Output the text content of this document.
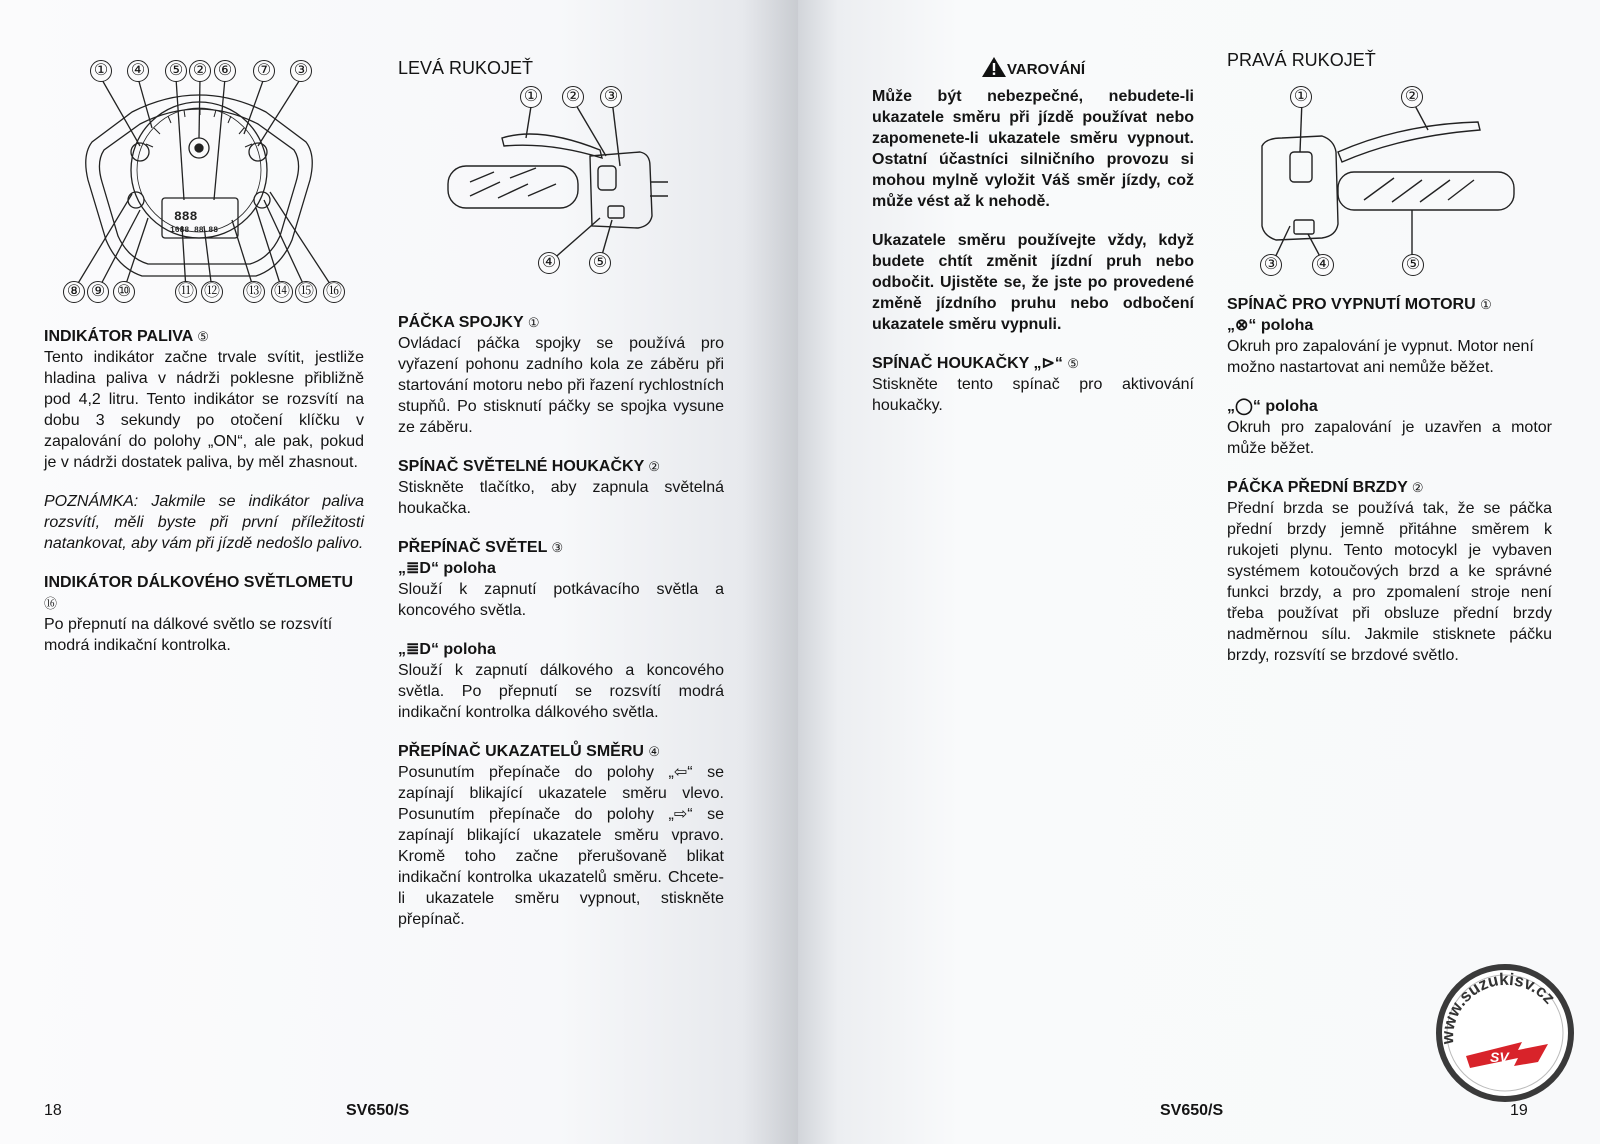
888
1688 88.88
① ④ ⑤ ② ⑥ ⑦ ③
⑧ ⑨ ⑩	⑪ ⑫ ⑬ ⑭ ⑮ ⑯

INDIKÁTOR PALIVA ⑤

Tento indikátor začne trvale svítit, jestliže hladina paliva v nádrži poklesne přibližně pod 4,2 litru. Tento indikátor se rozsvítí na dobu 3 sekundy po otočení klíčku v zapalování do polohy „ON“, ale pak, pokud je v nádrži dostatek paliva, by měl zhasnout.

POZNÁMKA: Jakmile se indikátor paliva rozsvítí, měli byste při první příležitosti natankovat, aby vám při jízdě nedošlo palivo.

INDIKÁTOR DÁLKOVÉHO SVĚTLOMETU ⑯

Po přepnutí na dálkové světlo se rozsvítí modrá indikační kontrolka.

LEVÁ RUKOJEŤ

① ② ③
④ ⑤

PÁČKA SPOJKY ①

Ovládací páčka spojky se používá pro vyřazení pohonu zadního kola ze záběru při startování motoru nebo při řazení rychlostních stupňů. Po stisknutí páčky se spojka vysune ze záběru.

SPÍNAČ SVĚTELNÉ HOUKAČKY ②

Stiskněte tlačítko, aby zapnula světelná houkačka.

PŘEPÍNAČ SVĚTEL ③

„≣D“ poloha

Slouží k zapnutí potkávacího světla a koncového světla.

„≣D“ poloha

Slouží k zapnutí dálkového a koncového světla. Po přepnutí se rozsvítí modrá indikační kontrolka dálkového světla.

PŘEPÍNAČ UKAZATELŮ SMĚRU ④

Posunutím přepínače do polohy „⇦“ se zapínají blikající ukazatele směru vlevo. Posunutím přepínače do polohy „⇨“ se zapínají blikající ukazatele směru vpravo. Kromě toho začne přerušovaně blikat indikační kontrolka ukazatelů směru. Chcete-li ukazatele směru vypnout, stiskněte přepínač.

18	SV650/S

VAROVÁNÍ

Může být nebezpečné, nebudete-li ukazatele směru při jízdě používat nebo zapomenete-li ukazatele směru vypnout. Ostatní účastníci silničního provozu si mohou mylně vyložit Váš směr jízdy, což může vést až k nehodě.

Ukazatele směru používejte vždy, když budete chtít změnit jízdní pruh nebo odbočit. Ujistěte se, že jste po provedené změně jízdního pruhu nebo odbočení ukazatele směru vypnuli.

SPÍNAČ HOUKAČKY „⊳“ ⑤

Stiskněte tento spínač pro aktivování houkačky.

PRAVÁ RUKOJEŤ

①	②
③ ④	⑤

SPÍNAČ PRO VYPNUTÍ MOTORU ①

„⊗“ poloha

Okruh pro zapalování je vypnut. Motor není možno nastartovat ani nemůže běžet.

„◯“ poloha

Okruh pro zapalování je uzavřen a motor může běžet.

PÁČKA PŘEDNÍ BRZDY ②

Přední brzda se používá tak, že se páčka přední brzdy jemně přitáhne směrem k rukojeti plynu. Tento motocykl je vybaven systémem kotoučových brzd a ke správné funkci brzdy, a pro zpomalení stroje není třeba používat při obsluze přední brzdy nadměrnou sílu. Jakmile stisknete páčku brzdy, rozsvítí se brzdové světlo.

www.suzukisv.cz
SV
SV650/S	19
